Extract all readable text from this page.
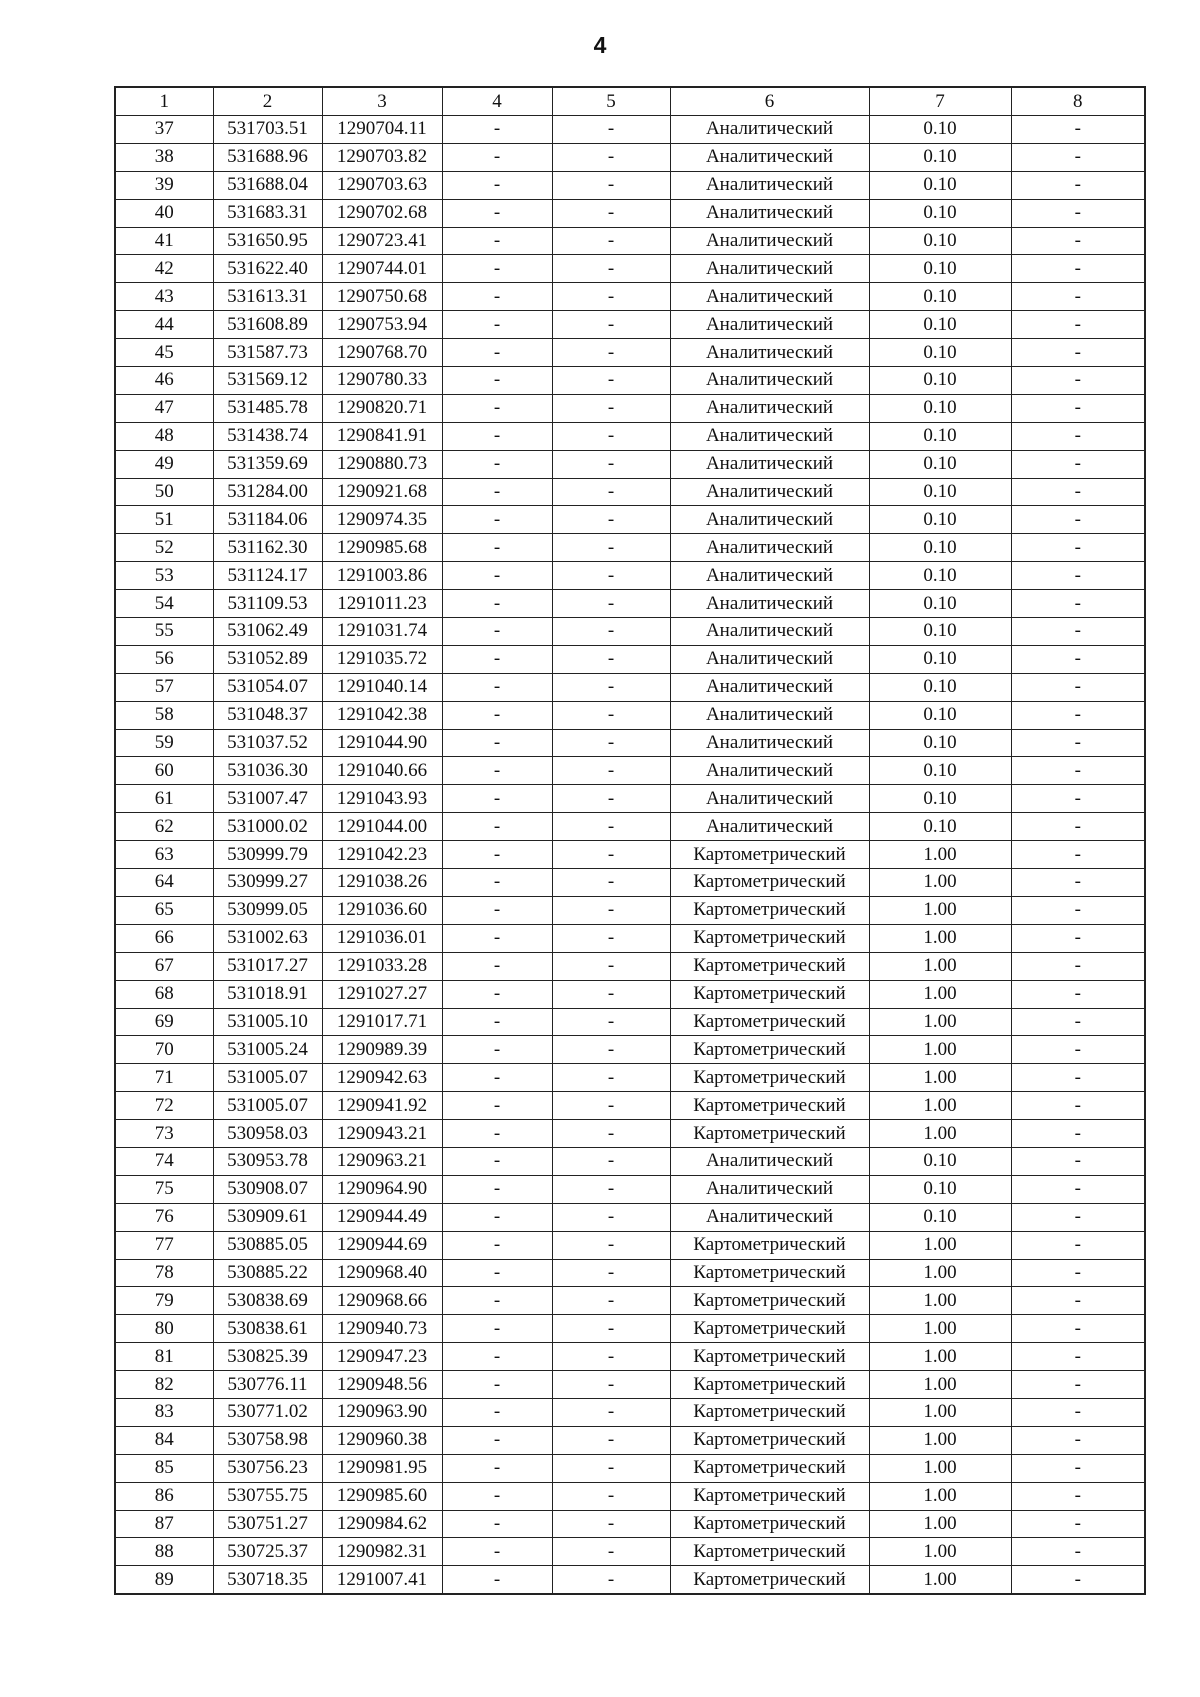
4
1	2	3	4	5	6	7	8
37	531703.51	1290704.11	-	-	Аналитический	0.10	-
38	531688.96	1290703.82	-	-	Аналитический	0.10	-
39	531688.04	1290703.63	-	-	Аналитический	0.10	-
40	531683.31	1290702.68	-	-	Аналитический	0.10	-
41	531650.95	1290723.41	-	-	Аналитический	0.10	-
42	531622.40	1290744.01	-	-	Аналитический	0.10	-
43	531613.31	1290750.68	-	-	Аналитический	0.10	-
44	531608.89	1290753.94	-	-	Аналитический	0.10	-
45	531587.73	1290768.70	-	-	Аналитический	0.10	-
46	531569.12	1290780.33	-	-	Аналитический	0.10	-
47	531485.78	1290820.71	-	-	Аналитический	0.10	-
48	531438.74	1290841.91	-	-	Аналитический	0.10	-
49	531359.69	1290880.73	-	-	Аналитический	0.10	-
50	531284.00	1290921.68	-	-	Аналитический	0.10	-
51	531184.06	1290974.35	-	-	Аналитический	0.10	-
52	531162.30	1290985.68	-	-	Аналитический	0.10	-
53	531124.17	1291003.86	-	-	Аналитический	0.10	-
54	531109.53	1291011.23	-	-	Аналитический	0.10	-
55	531062.49	1291031.74	-	-	Аналитический	0.10	-
56	531052.89	1291035.72	-	-	Аналитический	0.10	-
57	531054.07	1291040.14	-	-	Аналитический	0.10	-
58	531048.37	1291042.38	-	-	Аналитический	0.10	-
59	531037.52	1291044.90	-	-	Аналитический	0.10	-
60	531036.30	1291040.66	-	-	Аналитический	0.10	-
61	531007.47	1291043.93	-	-	Аналитический	0.10	-
62	531000.02	1291044.00	-	-	Аналитический	0.10	-
63	530999.79	1291042.23	-	-	Картометрический	1.00	-
64	530999.27	1291038.26	-	-	Картометрический	1.00	-
65	530999.05	1291036.60	-	-	Картометрический	1.00	-
66	531002.63	1291036.01	-	-	Картометрический	1.00	-
67	531017.27	1291033.28	-	-	Картометрический	1.00	-
68	531018.91	1291027.27	-	-	Картометрический	1.00	-
69	531005.10	1291017.71	-	-	Картометрический	1.00	-
70	531005.24	1290989.39	-	-	Картометрический	1.00	-
71	531005.07	1290942.63	-	-	Картометрический	1.00	-
72	531005.07	1290941.92	-	-	Картометрический	1.00	-
73	530958.03	1290943.21	-	-	Картометрический	1.00	-
74	530953.78	1290963.21	-	-	Аналитический	0.10	-
75	530908.07	1290964.90	-	-	Аналитический	0.10	-
76	530909.61	1290944.49	-	-	Аналитический	0.10	-
77	530885.05	1290944.69	-	-	Картометрический	1.00	-
78	530885.22	1290968.40	-	-	Картометрический	1.00	-
79	530838.69	1290968.66	-	-	Картометрический	1.00	-
80	530838.61	1290940.73	-	-	Картометрический	1.00	-
81	530825.39	1290947.23	-	-	Картометрический	1.00	-
82	530776.11	1290948.56	-	-	Картометрический	1.00	-
83	530771.02	1290963.90	-	-	Картометрический	1.00	-
84	530758.98	1290960.38	-	-	Картометрический	1.00	-
85	530756.23	1290981.95	-	-	Картометрический	1.00	-
86	530755.75	1290985.60	-	-	Картометрический	1.00	-
87	530751.27	1290984.62	-	-	Картометрический	1.00	-
88	530725.37	1290982.31	-	-	Картометрический	1.00	-
89	530718.35	1291007.41	-	-	Картометрический	1.00	-
